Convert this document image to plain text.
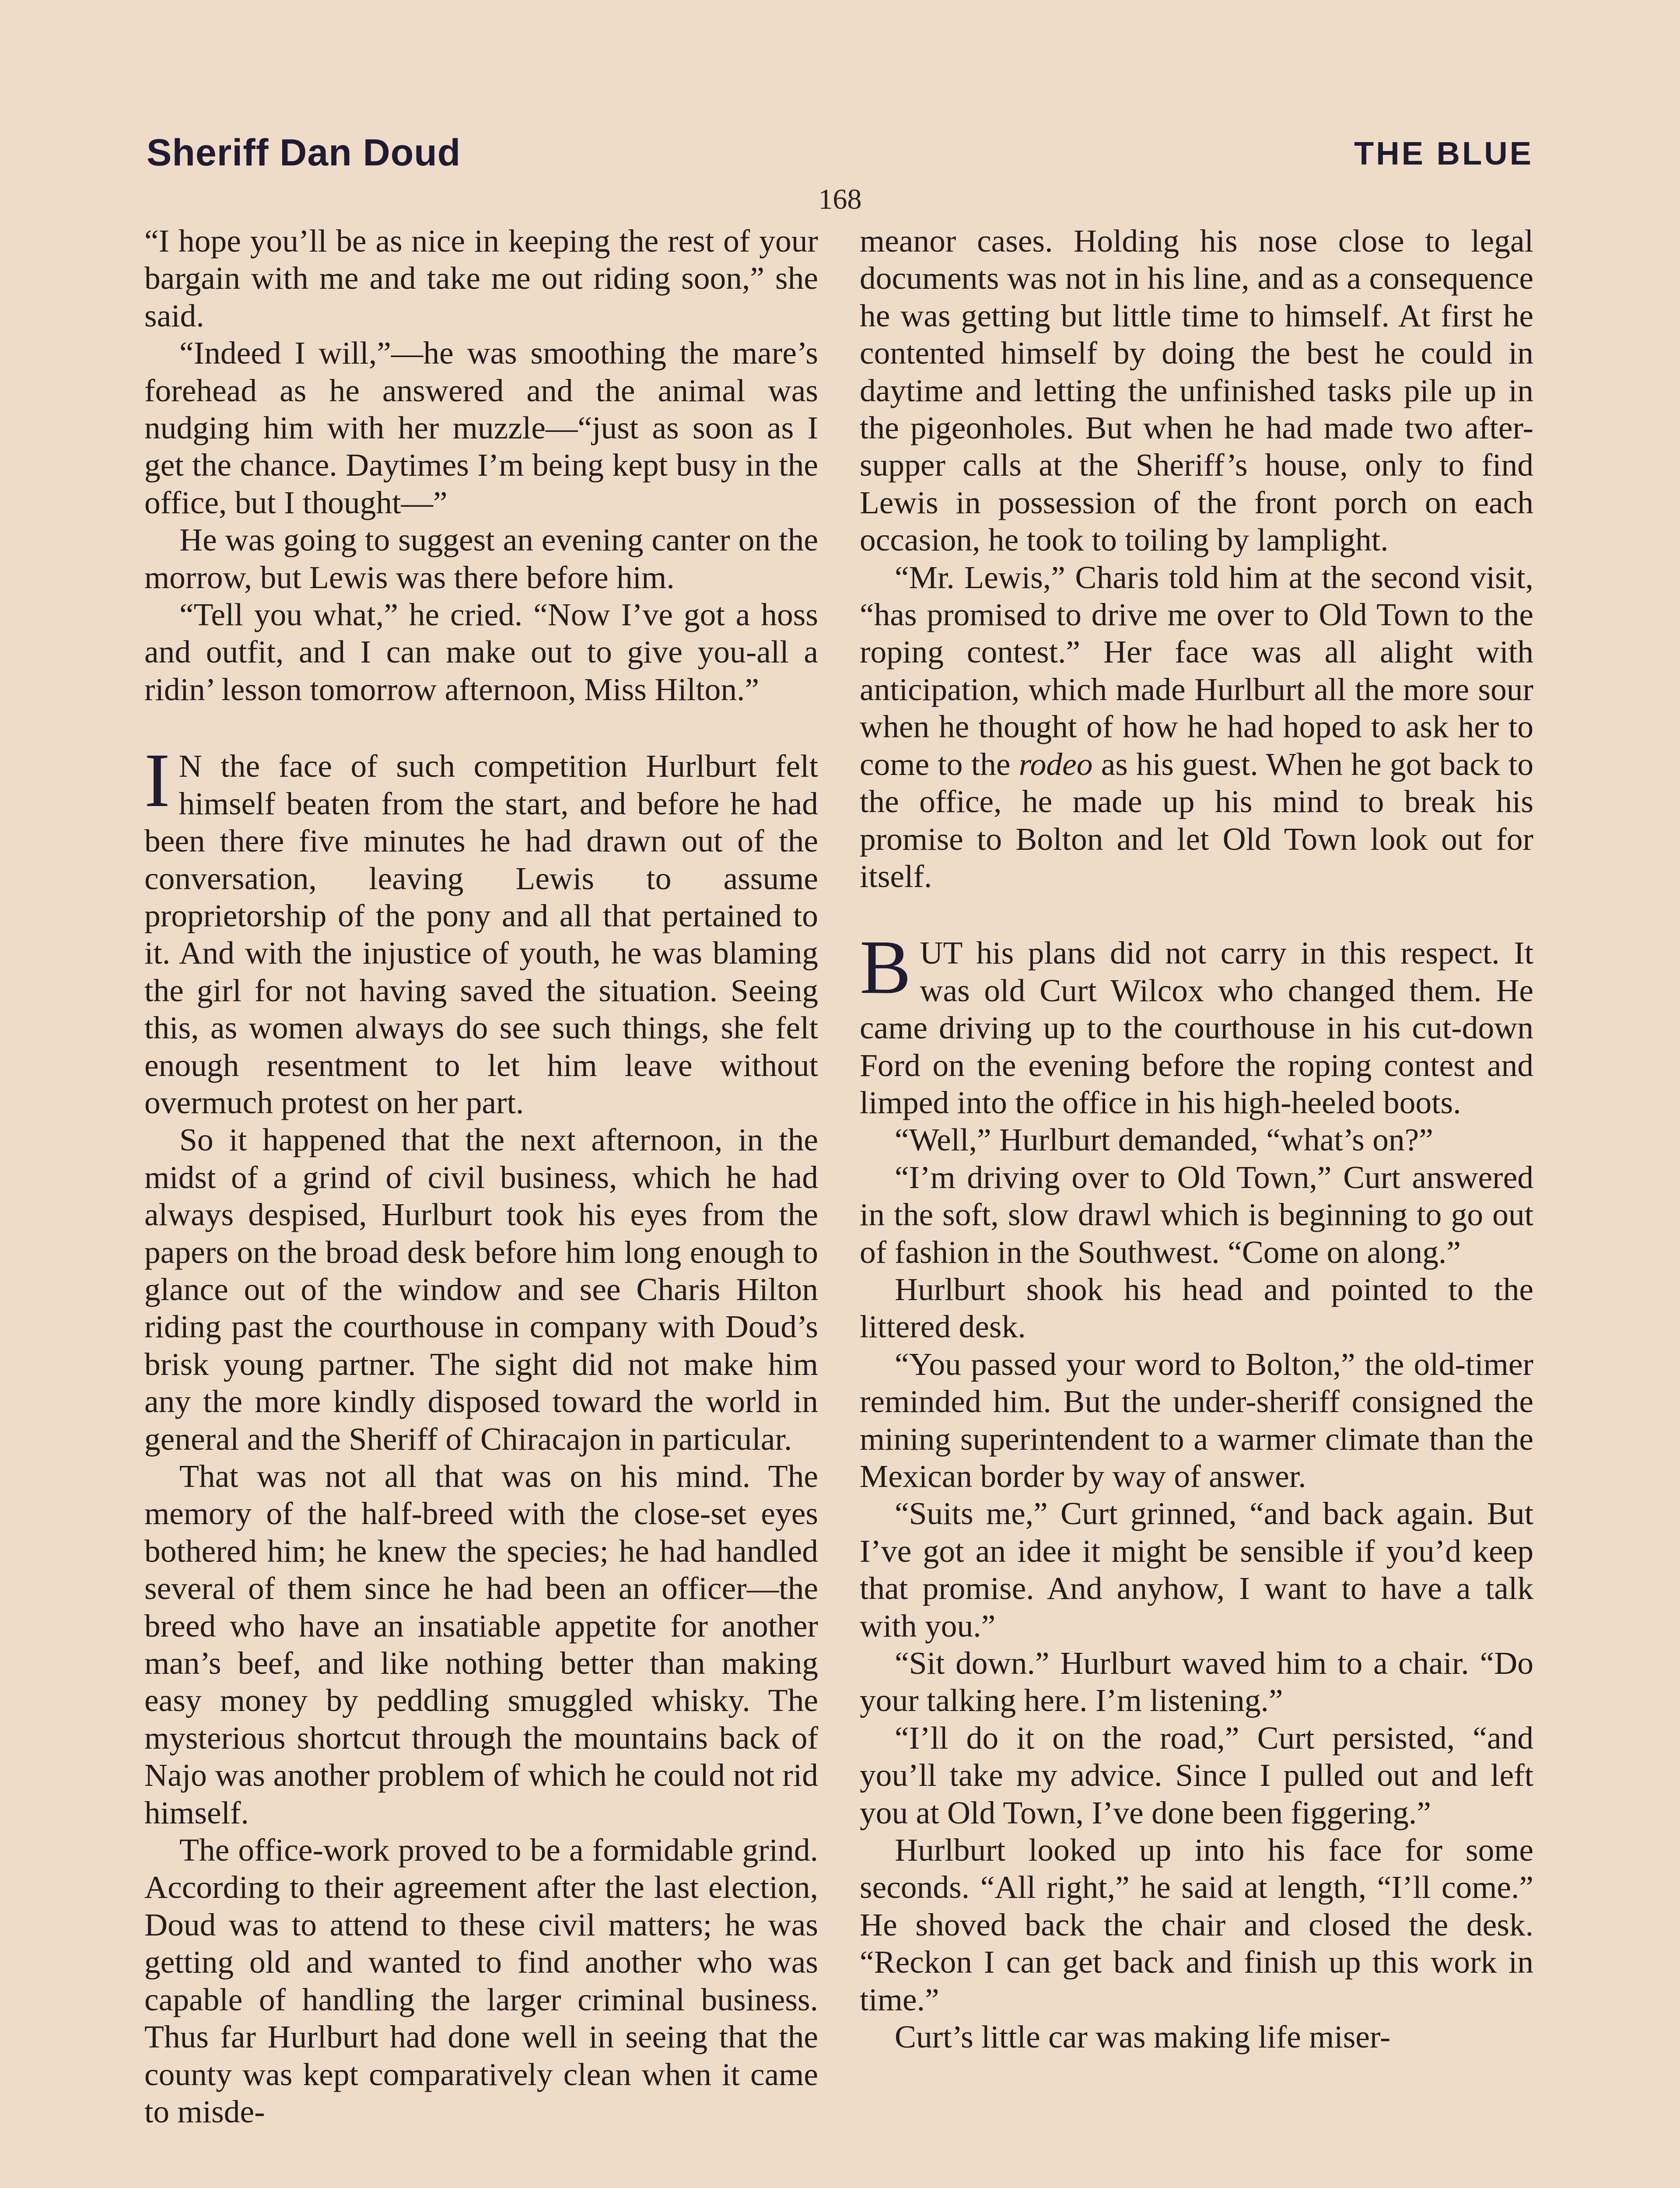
Sheriff Dan Doud	THE BLUE
168

“I hope you’ll be as nice in keeping the rest of your bargain with me and take me out riding soon,” she said.

“Indeed I will,”—he was smoothing the mare’s forehead as he answered and the animal was nudging him with her muzzle—“just as soon as I get the chance. Daytimes I’m being kept busy in the office, but I thought—”

He was going to suggest an evening canter on the morrow, but Lewis was there before him.

“Tell you what,” he cried. “Now I’ve got a hoss and outfit, and I can make out to give you-all a ridin’ lesson tomorrow afternoon, Miss Hilton.”

I N the face of such competition Hurlburt felt himself beaten from the start, and before he had been there five minutes he had drawn out of the conversation, leaving Lewis to assume proprietorship of the pony and all that pertained to it. And with the injustice of youth, he was blaming the girl for not having saved the situation. Seeing this, as women always do see such things, she felt enough resentment to let him leave without overmuch protest on her part.

So it happened that the next afternoon, in the midst of a grind of civil business, which he had always despised, Hurlburt took his eyes from the papers on the broad desk before him long enough to glance out of the window and see Charis Hilton riding past the courthouse in company with Doud’s brisk young partner. The sight did not make him any the more kindly disposed toward the world in general and the Sheriff of Chiracajon in particular.

That was not all that was on his mind. The memory of the half-breed with the close-set eyes bothered him; he knew the species; he had handled several of them since he had been an officer—the breed who have an insatiable appetite for another man’s beef, and like nothing better than making easy money by peddling smuggled whisky. The mysterious shortcut through the mountains back of Najo was another problem of which he could not rid himself.

The office-work proved to be a formidable grind. According to their agreement after the last election, Doud was to attend to these civil matters; he was getting old and wanted to find another who was capable of handling the larger criminal business. Thus far Hurlburt had done well in seeing that the county was kept comparatively clean when it came to misde-

meanor cases. Holding his nose close to legal documents was not in his line, and as a consequence he was getting but little time to himself. At first he contented himself by doing the best he could in daytime and letting the unfinished tasks pile up in the pigeonholes. But when he had made two after-supper calls at the Sheriff’s house, only to find Lewis in possession of the front porch on each occasion, he took to toiling by lamplight.

“Mr. Lewis,” Charis told him at the second visit, “has promised to drive me over to Old Town to the roping contest.” Her face was all alight with anticipation, which made Hurlburt all the more sour when he thought of how he had hoped to ask her to come to the rodeo as his guest. When he got back to the office, he made up his mind to break his promise to Bolton and let Old Town look out for itself.

BUT his plans did not carry in this respect. It was old Curt Wilcox who changed them. He came driving up to the courthouse in his cut-down Ford on the evening before the roping contest and limped into the office in his high-heeled boots.

“Well,” Hurlburt demanded, “what’s on?”

“I’m driving over to Old Town,” Curt answered in the soft, slow drawl which is beginning to go out of fashion in the Southwest. “Come on along.”

Hurlburt shook his head and pointed to the littered desk.

“You passed your word to Bolton,” the old-timer reminded him. But the under-sheriff consigned the mining superintendent to a warmer climate than the Mexican border by way of answer.

“Suits me,” Curt grinned, “and back again. But I’ve got an idee it might be sensible if you’d keep that promise. And anyhow, I want to have a talk with you.”

“Sit down.” Hurlburt waved him to a chair. “Do your talking here. I’m listening.”

“I’ll do it on the road,” Curt persisted, “and you’ll take my advice. Since I pulled out and left you at Old Town, I’ve done been figgering.”

Hurlburt looked up into his face for some seconds. “All right,” he said at length, “I’ll come.” He shoved back the chair and closed the desk. “Reckon I can get back and finish up this work in time.”

Curt’s little car was making life miser-
